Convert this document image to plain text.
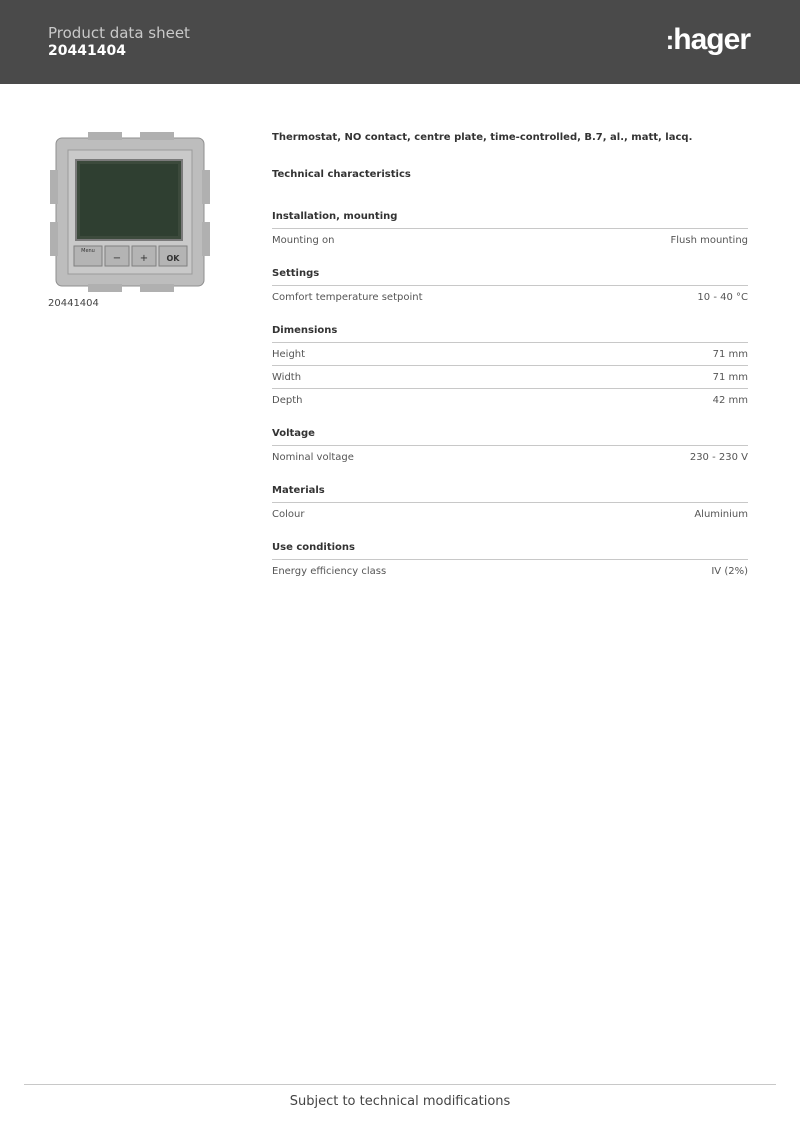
Product data sheet
20441404	:hager
Menu
− + OK
20441404
Thermostat, NO contact, centre plate, time-controlled, B.7, al., matt, lacq.
Technical characteristics
Installation, mounting
Mounting on	Flush mounting
Settings
Comfort temperature setpoint	10 - 40 °C
Dimensions
Height	71 mm
Width	71 mm
Depth	42 mm
Voltage
Nominal voltage	230 - 230 V
Materials
Colour	Aluminium
Use conditions
Energy efficiency class	IV (2%)
Subject to technical modifications
